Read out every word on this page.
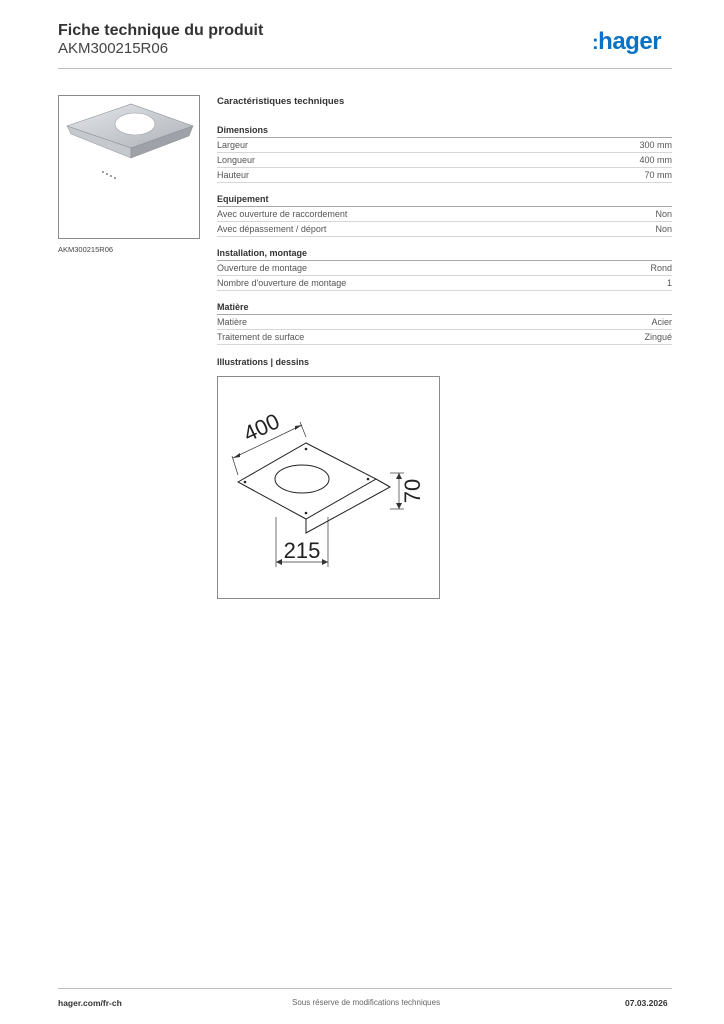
Fiche technique du produit
AKM300215R06	:hager
AKM300215R06
Caractéristiques techniques
Dimensions
Largeur	300 mm
Longueur	400 mm
Hauteur	70 mm
Equipement
Avec ouverture de raccordement	Non
Avec dépassement / déport	Non
Installation, montage
Ouverture de montage	Rond
Nombre d'ouverture de montage	1
Matière
Matière	Acier
Traitement de surface	Zingué
Illustrations | dessins
400
70
215
hager.com/fr-ch	Sous réserve de modifications techniques	07.03.2026
